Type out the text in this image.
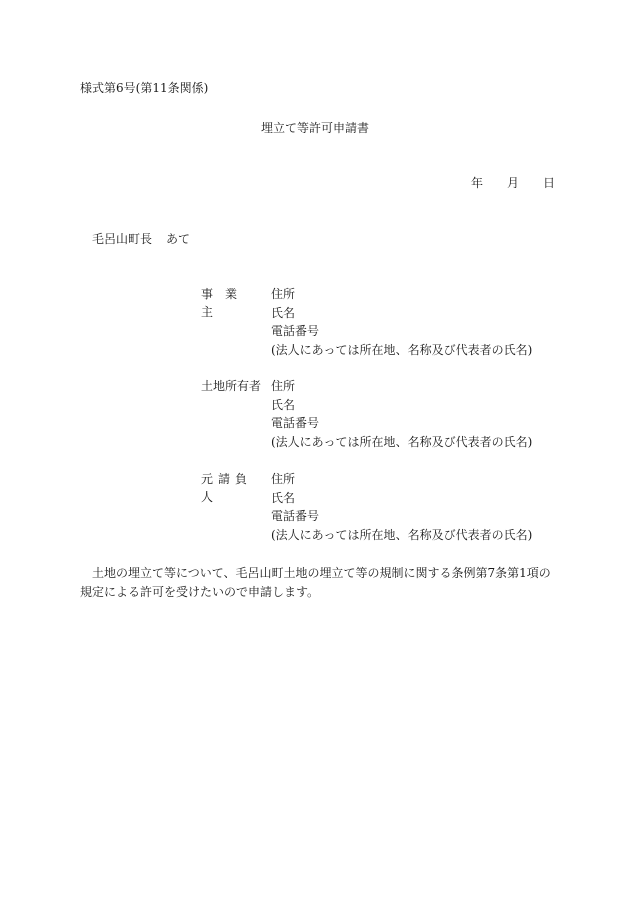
様式第6号(第11条関係)
埋立て等許可申請書
年 月 日
毛呂山町長 あて
事業主
住所
氏名
電話番号
(法人にあっては所在地、名称及び代表者の氏名)
土地所有者 住所
氏名
電話番号
(法人にあっては所在地、名称及び代表者の氏名)
元請負人
住所
氏名
電話番号
(法人にあっては所在地、名称及び代表者の氏名)
土地の埋立て等について、毛呂山町土地の埋立て等の規制に関する条例第7条第1項の規定による許可を受けたいので申請します。
